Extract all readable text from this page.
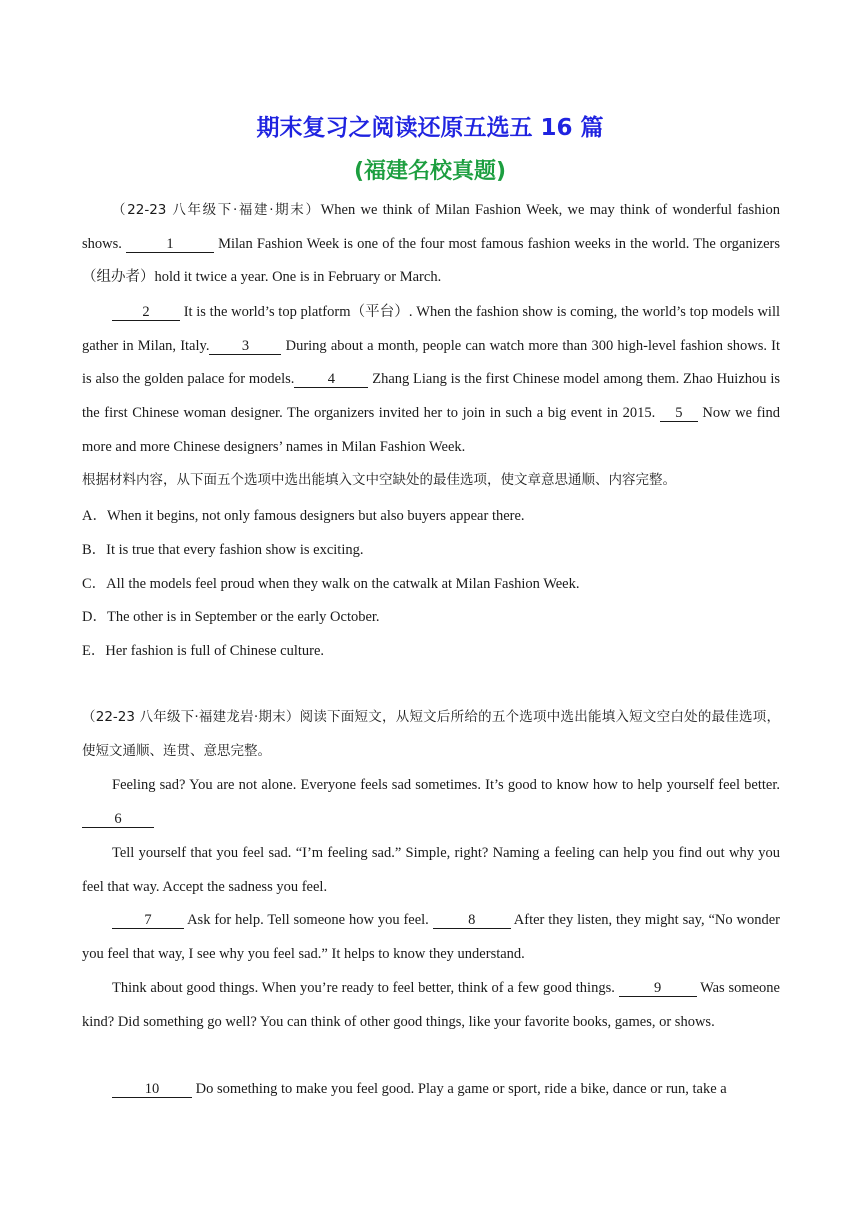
期末复习之阅读还原五选五 16 篇
(福建名校真题)

（22-23 八年级下·福建·期末）When we think of Milan Fashion Week, we may think of wonderful fashion shows.	1	Milan Fashion Week is one of the four most famous fashion weeks in the world. The organizers（组办者）hold it twice a year. One is in February or March.

2 It is the world’s top platform（平台）. When the fashion show is coming, the world’s top models will gather in Milan, Italy. 3 During about a month, people can watch more than 300 high-level fashion shows. It is also the golden palace for models. 4 Zhang Liang is the first Chinese model among them. Zhao Huizhou is the first Chinese woman designer. The organizers invited her to join in such a big event in 2015. 5 Now we find more and more Chinese designers’ names in Milan Fashion Week.

根据材料内容，从下面五个选项中选出能填入文中空缺处的最佳选项，使文章意思通顺、内容完整。

A．When it begins, not only famous designers but also buyers appear there.

B．It is true that every fashion show is exciting.

C．All the models feel proud when they walk on the catwalk at Milan Fashion Week.

D．The other is in September or the early October.

E．Her fashion is full of Chinese culture.

（22-23 八年级下·福建龙岩·期末）阅读下面短文，从短文后所给的五个选项中选出能填入短文空白处的最佳选项，使短文通顺、连贯、意思完整。

Feeling sad? You are not alone. Everyone feels sad sometimes. It’s good to know how to help yourself feel better. 6

Tell yourself that you feel sad. “I’m feeling sad.” Simple, right? Naming a feeling can help you find out why you feel that way. Accept the sadness you feel.

7 Ask for help. Tell someone how you feel. 8 After they listen, they might say, “No wonder you feel that way, I see why you feel sad.” It helps to know they understand.

Think about good things. When you’re ready to feel better, think of a few good things. 9 Was someone kind? Did something go well? You can think of other good things, like your favorite books, games, or shows.

10 Do something to make you feel good. Play a game or sport, ride a bike, dance or run, take a
